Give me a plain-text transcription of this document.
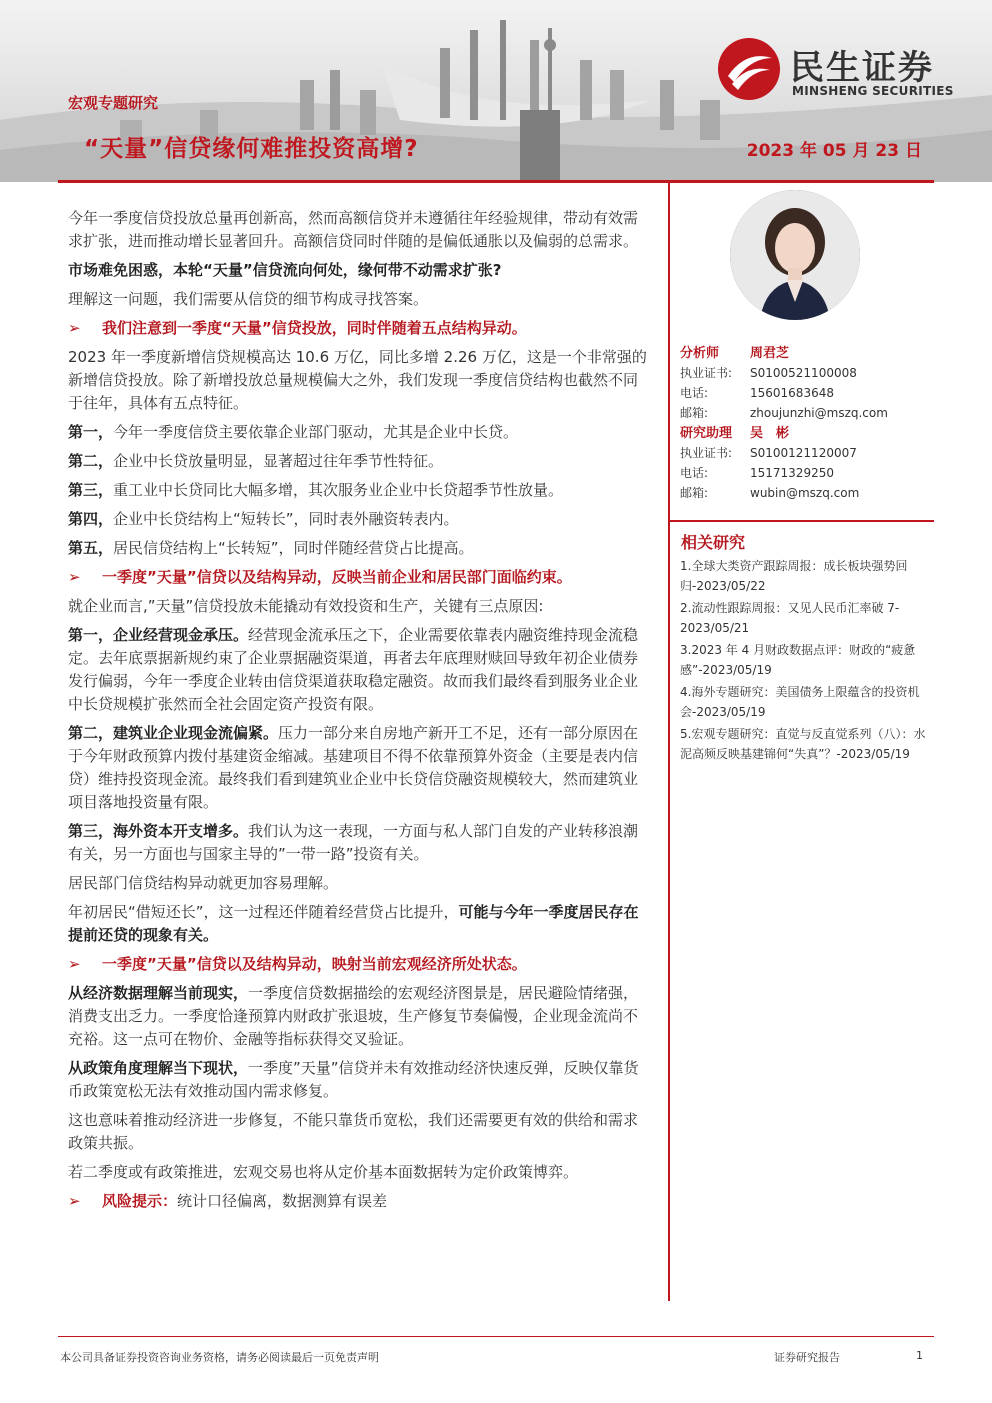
民生证券
MINSHENG SECURITIES
宏观专题研究
“天量”信贷缘何难推投资高增?	2023 年 05 月 23 日

今年一季度信贷投放总量再创新高，然而高额信贷并未遵循往年经验规律，带动有效需求扩张，进而推动增长显著回升。高额信贷同时伴随的是偏低通胀以及偏弱的总需求。

市场难免困惑，本轮“天量”信贷流向何处，缘何带不动需求扩张?

理解这一问题，我们需要从信贷的细节构成寻找答案。

➢ 我们注意到一季度“天量”信贷投放，同时伴随着五点结构异动。

2023 年一季度新增信贷规模高达 10.6 万亿，同比多增 2.26 万亿，这是一个非常强的新增信贷投放。除了新增投放总量规模偏大之外，我们发现一季度信贷结构也截然不同于往年，具体有五点特征。

第一，今年一季度信贷主要依靠企业部门驱动，尤其是企业中长贷。

第二，企业中长贷放量明显，显著超过往年季节性特征。

第三，重工业中长贷同比大幅多增，其次服务业企业中长贷超季节性放量。

第四，企业中长贷结构上“短转长”，同时表外融资转表内。

第五，居民信贷结构上“长转短”，同时伴随经营贷占比提高。

➢ 一季度”天量”信贷以及结构异动，反映当前企业和居民部门面临约束。

就企业而言,”天量”信贷投放未能撬动有效投资和生产，关键有三点原因:

第一，企业经营现金承压。经营现金流承压之下，企业需要依靠表内融资维持现金流稳定。去年底票据新规约束了企业票据融资渠道，再者去年底理财赎回导致年初企业债券发行偏弱，今年一季度企业转由信贷渠道获取稳定融资。故而我们最终看到服务业企业中长贷规模扩张然而全社会固定资产投资有限。

第二，建筑业企业现金流偏紧。压力一部分来自房地产新开工不足，还有一部分原因在于今年财政预算内拨付基建资金缩减。基建项目不得不依靠预算外资金（主要是表内信贷）维持投资现金流。最终我们看到建筑业企业中长贷信贷融资规模较大，然而建筑业项目落地投资量有限。

第三，海外资本开支增多。我们认为这一表现，一方面与私人部门自发的产业转移浪潮有关，另一方面也与国家主导的”一带一路”投资有关。

居民部门信贷结构异动就更加容易理解。

年初居民“借短还长”，这一过程还伴随着经营贷占比提升，可能与今年一季度居民存在提前还贷的现象有关。

➢ 一季度”天量”信贷以及结构异动，映射当前宏观经济所处状态。

从经济数据理解当前现实，一季度信贷数据描绘的宏观经济图景是，居民避险情绪强，消费支出乏力。一季度恰逢预算内财政扩张退坡，生产修复节奏偏慢，企业现金流尚不充裕。这一点可在物价、金融等指标获得交叉验证。

从政策角度理解当下现状，一季度”天量”信贷并未有效推动经济快速反弹，反映仅靠货币政策宽松无法有效推动国内需求修复。

这也意味着推动经济进一步修复，不能只靠货币宽松，我们还需要更有效的供给和需求政策共振。

若二季度或有政策推进，宏观交易也将从定价基本面数据转为定价政策博弈。

➢ 风险提示：统计口径偏离，数据测算有误差

分析师 周君芝
执业证书: S0100521100008
电话:	15601683648
邮箱:	zhoujunzhi@mszq.com
研究助理 吴　彬
执业证书: S0100121120007
电话:	15171329250
邮箱:	wubin@mszq.com
相关研究
1.全球大类资产跟踪周报：成长板块强势回归-2023/05/22
2.流动性跟踪周报：又见人民币汇率破 7-2023/05/21
3.2023 年 4 月财政数据点评：财政的“疲惫感”-2023/05/19
4.海外专题研究：美国债务上限蕴含的投资机会-2023/05/19
5.宏观专题研究：直觉与反直觉系列（八）：水泥高频反映基建锦何“失真”？-2023/05/19
本公司具备证券投资咨询业务资格，请务必阅读最后一页免责声明	证券研究报告	1
